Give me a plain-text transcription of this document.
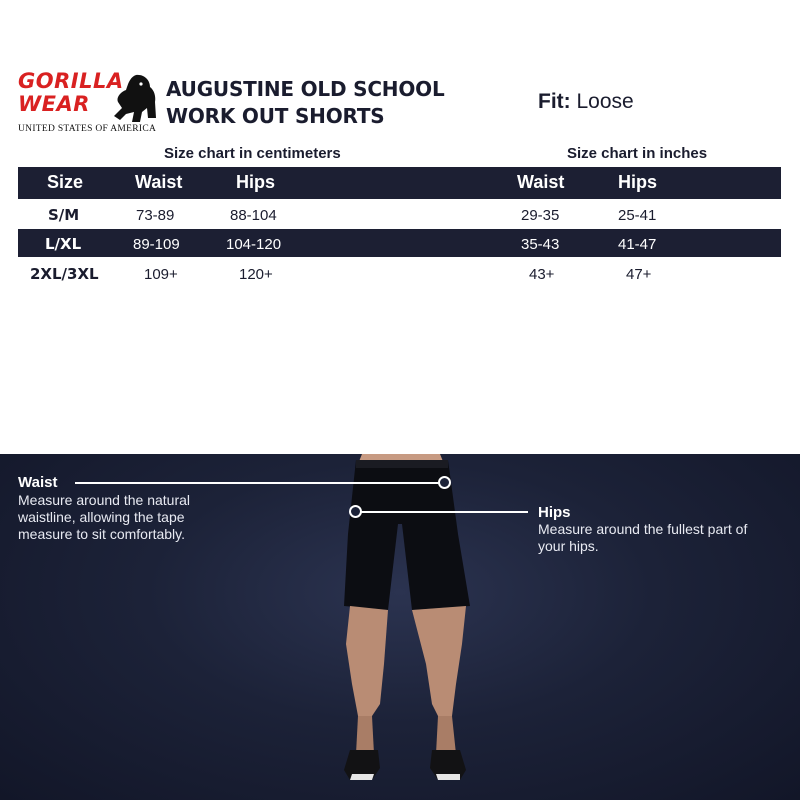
GORILLA
WEAR
UNITED STATES OF AMERICA
AUGUSTINE OLD SCHOOL
WORK OUT SHORTS
Fit: Loose
Size chart in centimeters	Size chart in inches
Size	Waist	Hips	Waist	Hips
S/M	73-89	88-104	29-35	25-41
L/XL	89-109	104-120	35-43	41-47
2XL/3XL	109+	120+	43+	47+
Waist
Measure around the natural
waistline, allowing the tape
measure to sit comfortably.
Hips
Measure around the fullest part of
your hips.
